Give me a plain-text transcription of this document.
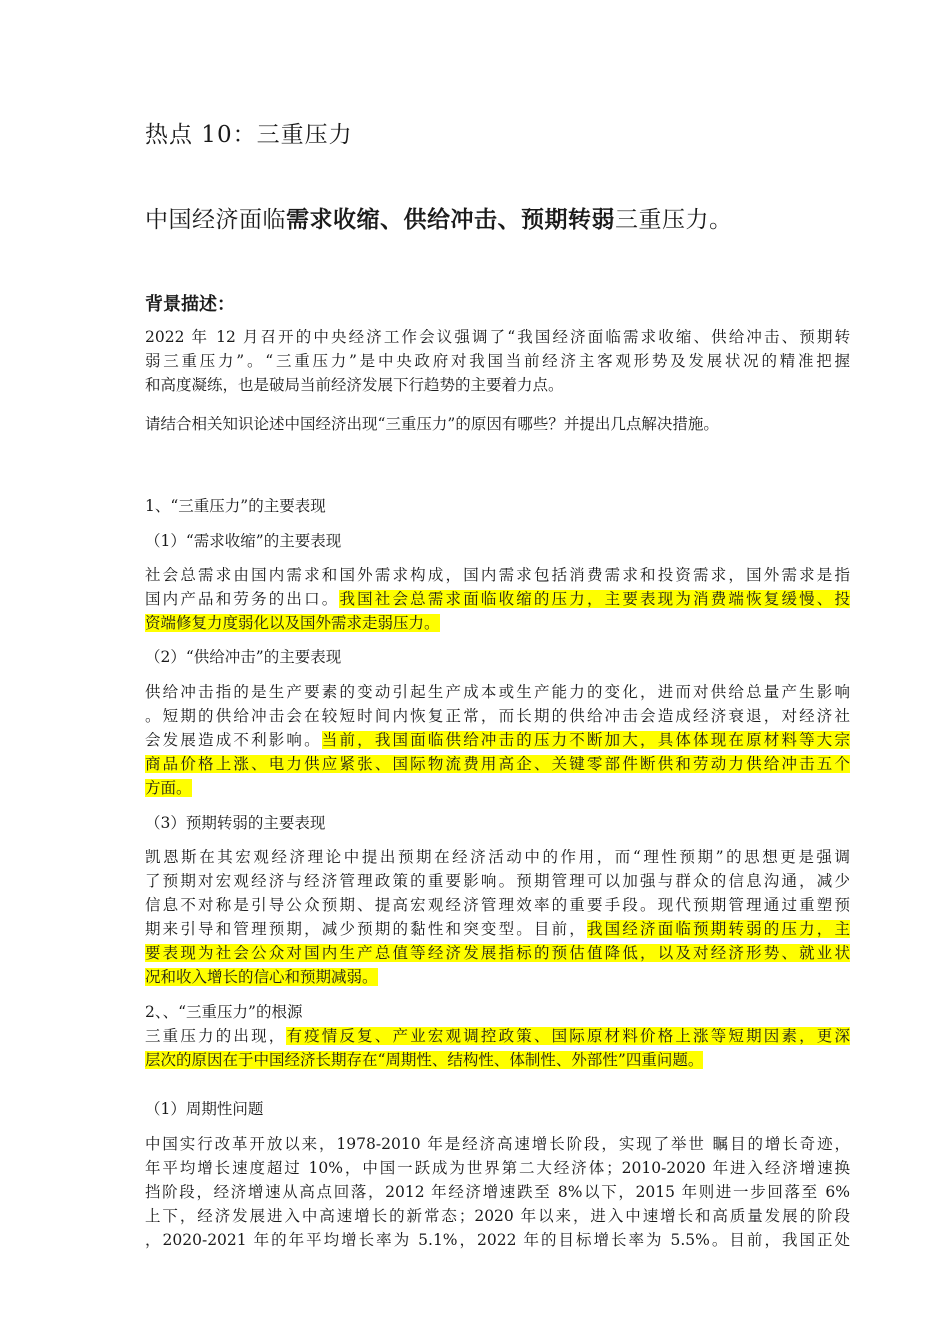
热点 10：三重压力
中国经济面临需求收缩、供给冲击、预期转弱三重压力。
背景描述：
2022 年 12 月召开的中央经济工作会议强调了“我国经济面临需求收缩、供给冲击、预期转
弱三重压力”。“三重压力”是中央政府对我国当前经济主客观形势及发展状况的精准把握
和高度凝练，也是破局当前经济发展下行趋势的主要着力点。
请结合相关知识论述中国经济出现“三重压力”的原因有哪些？并提出几点解决措施。
1、“三重压力”的主要表现
（1）“需求收缩”的主要表现
社会总需求由国内需求和国外需求构成，国内需求包括消费需求和投资需求，国外需求是指
国内产品和劳务的出口。我国社会总需求面临收缩的压力，主要表现为消费端恢复缓慢、投
资端修复力度弱化以及国外需求走弱压力。
（2）“供给冲击”的主要表现
供给冲击指的是生产要素的变动引起生产成本或生产能力的变化，进而对供给总量产生影响
。短期的供给冲击会在较短时间内恢复正常，而长期的供给冲击会造成经济衰退，对经济社
会发展造成不利影响。当前，我国面临供给冲击的压力不断加大，具体体现在原材料等大宗
商品价格上涨、电力供应紧张、国际物流费用高企、关键零部件断供和劳动力供给冲击五个
方面。
（3）预期转弱的主要表现
凯恩斯在其宏观经济理论中提出预期在经济活动中的作用，而“理性预期”的思想更是强调
了预期对宏观经济与经济管理政策的重要影响。预期管理可以加强与群众的信息沟通，减少
信息不对称是引导公众预期、提高宏观经济管理效率的重要手段。现代预期管理通过重塑预
期来引导和管理预期，减少预期的黏性和突变型。目前，我国经济面临预期转弱的压力，主
要表现为社会公众对国内生产总值等经济发展指标的预估值降低，以及对经济形势、就业状
况和收入增长的信心和预期减弱。
2、、“三重压力”的根源
三重压力的出现，有疫情反复、产业宏观调控政策、国际原材料价格上涨等短期因素，更深
层次的原因在于中国经济长期存在“周期性、结构性、体制性、外部性”四重问题。
（1）周期性问题
中国实行改革开放以来，1978-2010 年是经济高速增长阶段，实现了举世 瞩目的增长奇迹，
年平均增长速度超过 10%，中国一跃成为世界第二大经济体；2010-2020 年进入经济增速换
挡阶段，经济增速从高点回落，2012 年经济增速跌至 8%以下，2015 年则进一步回落至 6%
上下，经济发展进入中高速增长的新常态；2020 年以来，进入中速增长和高质量发展的阶段
，2020-2021 年的年平均增长率为 5.1%，2022 年的目标增长率为 5.5%。目前，我国正处
